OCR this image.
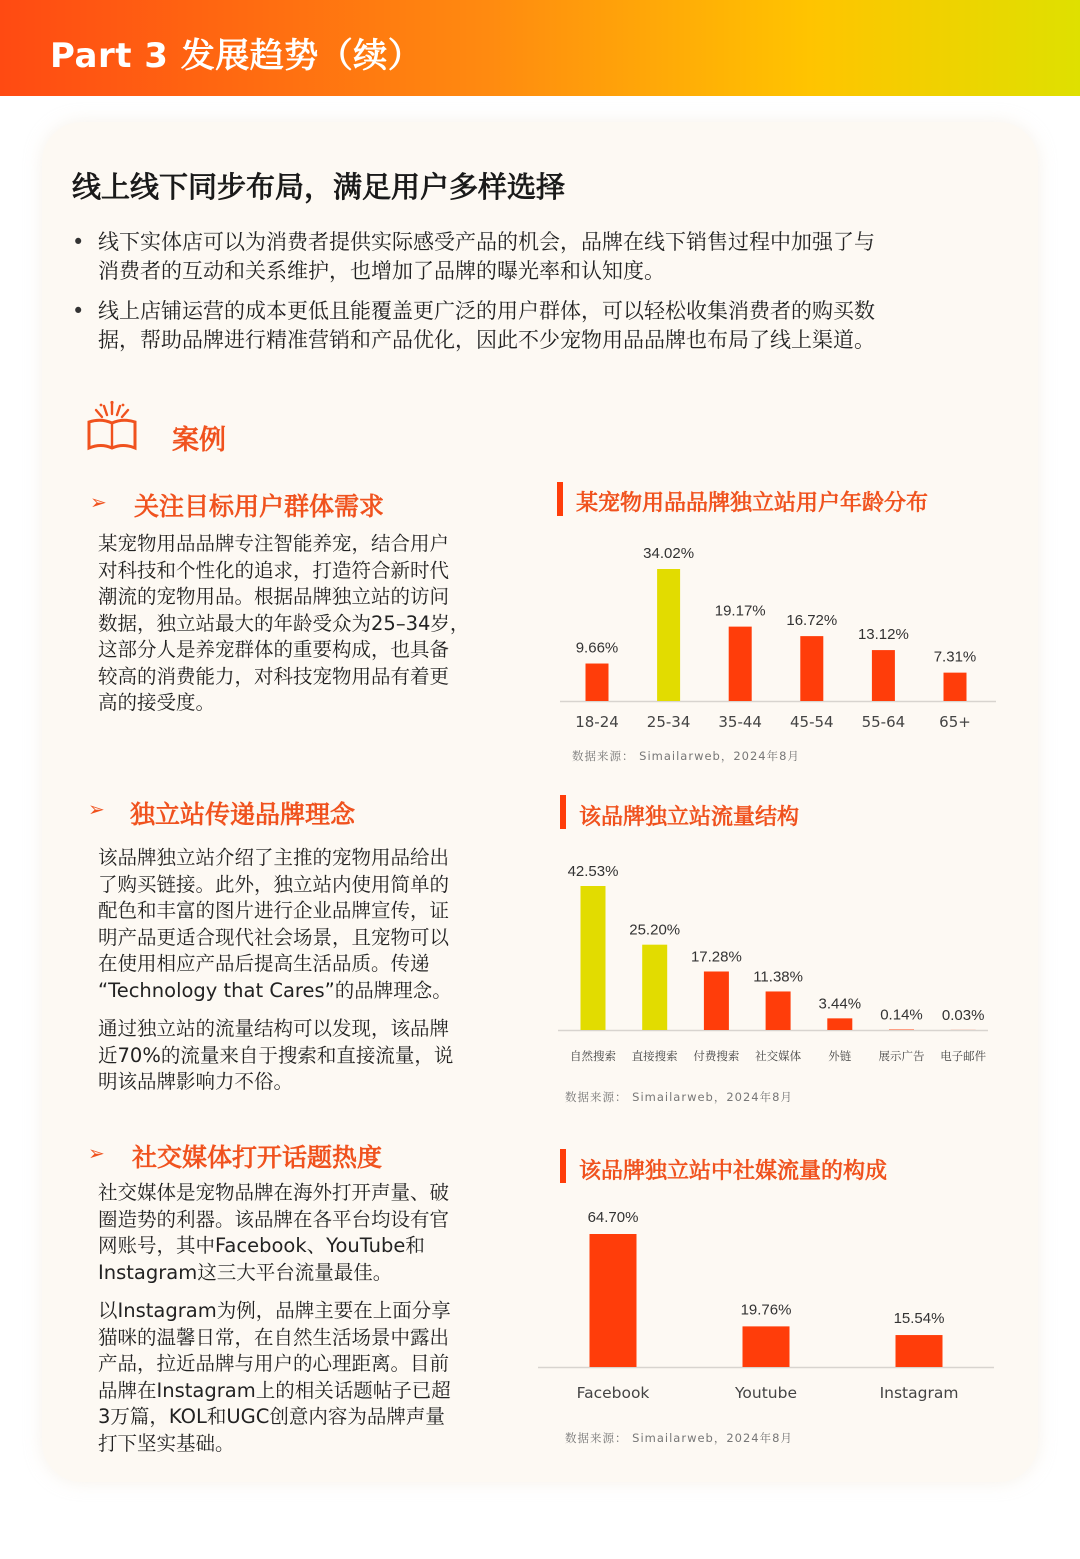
Part 3 发展趋势（续）
线上线下同步布局，满足用户多样选择
• 线下实体店可以为消费者提供实际感受产品的机会，品牌在线下销售过程中加强了与
消费者的互动和关系维护，也增加了品牌的曝光率和认知度。
• 线上店铺运营的成本更低且能覆盖更广泛的用户群体，可以轻松收集消费者的购买数
据，帮助品牌进行精准营销和产品优化，因此不少宠物用品品牌也布局了线上渠道。
案例
➢ 关注目标用户群体需求
某宠物用品品牌专注智能养宠，结合用户
对科技和个性化的追求，打造符合新时代
潮流的宠物用品。根据品牌独立站的访问
数据，独立站最大的年龄受众为25–34岁，
这部分人是养宠群体的重要构成，也具备
较高的消费能力，对科技宠物用品有着更
高的接受度。
➢ 独立站传递品牌理念
该品牌独立站介绍了主推的宠物用品给出
了购买链接。此外，独立站内使用简单的
配色和丰富的图片进行企业品牌宣传，证
明产品更适合现代社会场景，且宠物可以
在使用相应产品后提高生活品质。传递
“Technology that Cares”的品牌理念。
通过独立站的流量结构可以发现，该品牌
近70%的流量来自于搜索和直接流量，说
明该品牌影响力不俗。
➢ 社交媒体打开话题热度
社交媒体是宠物品牌在海外打开声量、破
圈造势的利器。该品牌在各平台均设有官
网账号，其中Facebook、YouTube和
Instagram这三大平台流量最佳。
以Instagram为例，品牌主要在上面分享
猫咪的温馨日常，在自然生活场景中露出
产品，拉近品牌与用户的心理距离。目前
品牌在Instagram上的相关话题帖子已超
3万篇，KOL和UGC创意内容为品牌声量
打下坚实基础。
某宠物用品品牌独立站用户年龄分布
9.66%
18-24
34.02%
25-34
19.17%
35-44
16.72%
45-54
13.12%
55-64
7.31%
65+
数据来源： Simailarweb，2024年8月
该品牌独立站流量结构
42.53%
自然搜索
25.20%
直接搜索
17.28%
付费搜索
11.38%
社交媒体
3.44%
外链
0.14%
展示广告
0.03%
电子邮件
数据来源： Simailarweb，2024年8月
该品牌独立站中社媒流量的构成
64.70%
Facebook
19.76%
Youtube
15.54%
Instagram
数据来源： Simailarweb，2024年8月
